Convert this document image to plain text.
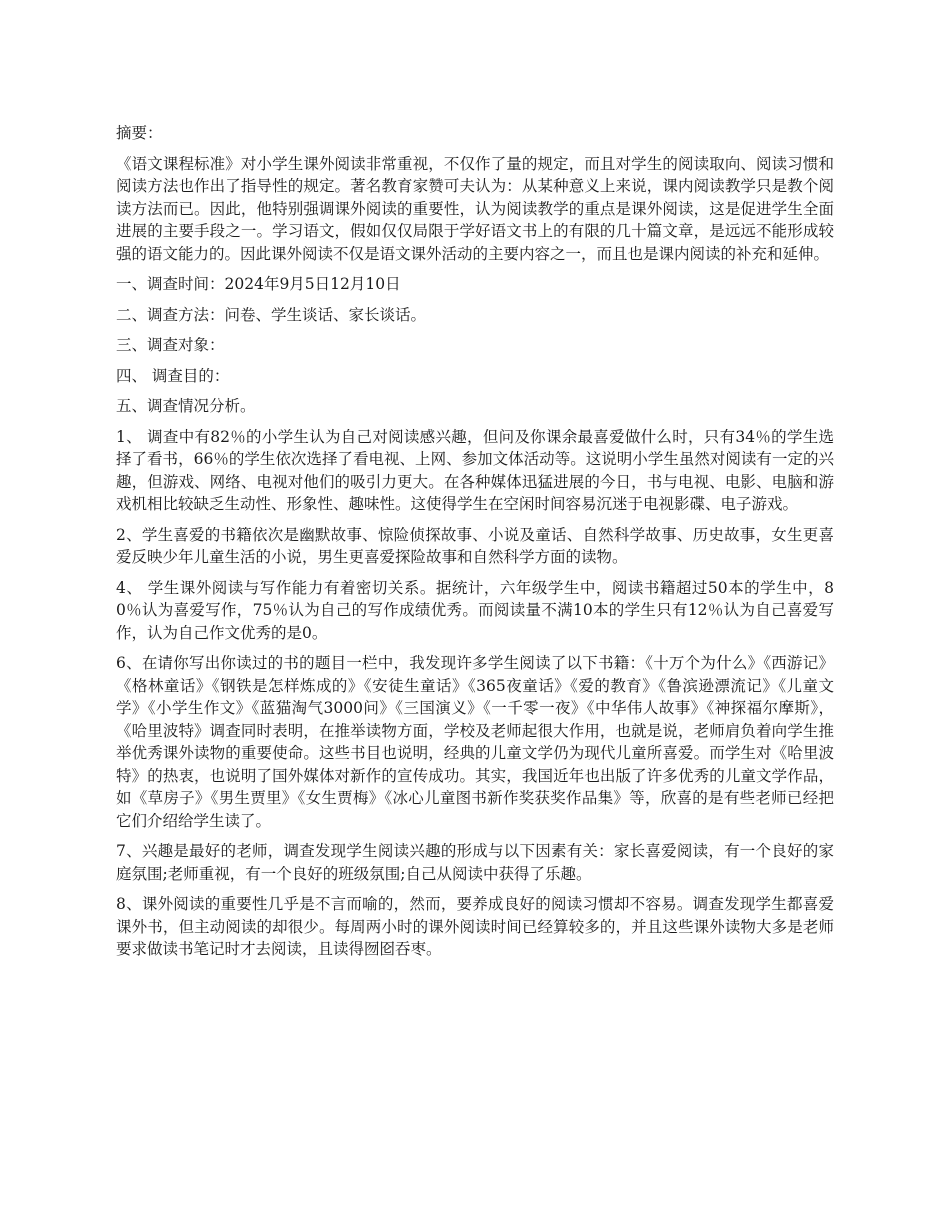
摘要：

《语文课程标准》对小学生课外阅读非常重视，不仅作了量的规定，而且对学生的阅读取向、阅读习惯和阅读方法也作出了指导性的规定。著名教育家赞可夫认为：从某种意义上来说，课内阅读教学只是教个阅读方法而已。因此，他特别强调课外阅读的重要性，认为阅读教学的重点是课外阅读，这是促进学生全面进展的主要手段之一。学习语文，假如仅仅局限于学好语文书上的有限的几十篇文章，是远远不能形成较强的语文能力的。因此课外阅读不仅是语文课外活动的主要内容之一，而且也是课内阅读的补充和延伸。

一、调查时间：2024年9月5日12月10日

二、调查方法：问卷、学生谈话、家长谈话。

三、调查对象：

四、 调查目的：

五、调查情况分析。

1、 调查中有82％的小学生认为自己对阅读感兴趣，但问及你课余最喜爱做什么时，只有34％的学生选择了看书，66％的学生依次选择了看电视、上网、参加文体活动等。这说明小学生虽然对阅读有一定的兴趣，但游戏、网络、电视对他们的吸引力更大。在各种媒体迅猛进展的今日，书与电视、电影、电脑和游戏机相比较缺乏生动性、形象性、趣味性。这使得学生在空闲时间容易沉迷于电视影碟、电子游戏。

2、学生喜爱的书籍依次是幽默故事、惊险侦探故事、小说及童话、自然科学故事、历史故事，女生更喜爱反映少年儿童生活的小说，男生更喜爱探险故事和自然科学方面的读物。

4、 学生课外阅读与写作能力有着密切关系。据统计，六年级学生中，阅读书籍超过50本的学生中，80％认为喜爱写作，75％认为自己的写作成绩优秀。而阅读量不满10本的学生只有12％认为自己喜爱写作，认为自己作文优秀的是0。

6、在请你写出你读过的书的题目一栏中，我发现许多学生阅读了以下书籍：《十万个为什么》《西游记》《格林童话》《钢铁是怎样炼成的》《安徒生童话》《365夜童话》《爱的教育》《鲁滨逊漂流记》《儿童文学》《小学生作文》《蓝猫淘气3000问》《三国演义》《一千零一夜》《中华伟人故事》《神探福尔摩斯》，《哈里波特》调查同时表明，在推举读物方面，学校及老师起很大作用，也就是说，老师肩负着向学生推举优秀课外读物的重要使命。这些书目也说明，经典的儿童文学仍为现代儿童所喜爱。而学生对《哈里波特》的热衷，也说明了国外媒体对新作的宣传成功。其实，我国近年也出版了许多优秀的儿童文学作品，如《草房子》《男生贾里》《女生贾梅》《冰心儿童图书新作奖获奖作品集》等，欣喜的是有些老师已经把它们介绍给学生读了。

7、兴趣是最好的老师，调查发现学生阅读兴趣的形成与以下因素有关：家长喜爱阅读，有一个良好的家庭氛围;老师重视，有一个良好的班级氛围;自己从阅读中获得了乐趣。

8、课外阅读的重要性几乎是不言而喻的，然而，要养成良好的阅读习惯却不容易。调查发现学生都喜爱课外书，但主动阅读的却很少。每周两小时的课外阅读时间已经算较多的，并且这些课外读物大多是老师要求做读书笔记时才去阅读，且读得囫囵吞枣。
